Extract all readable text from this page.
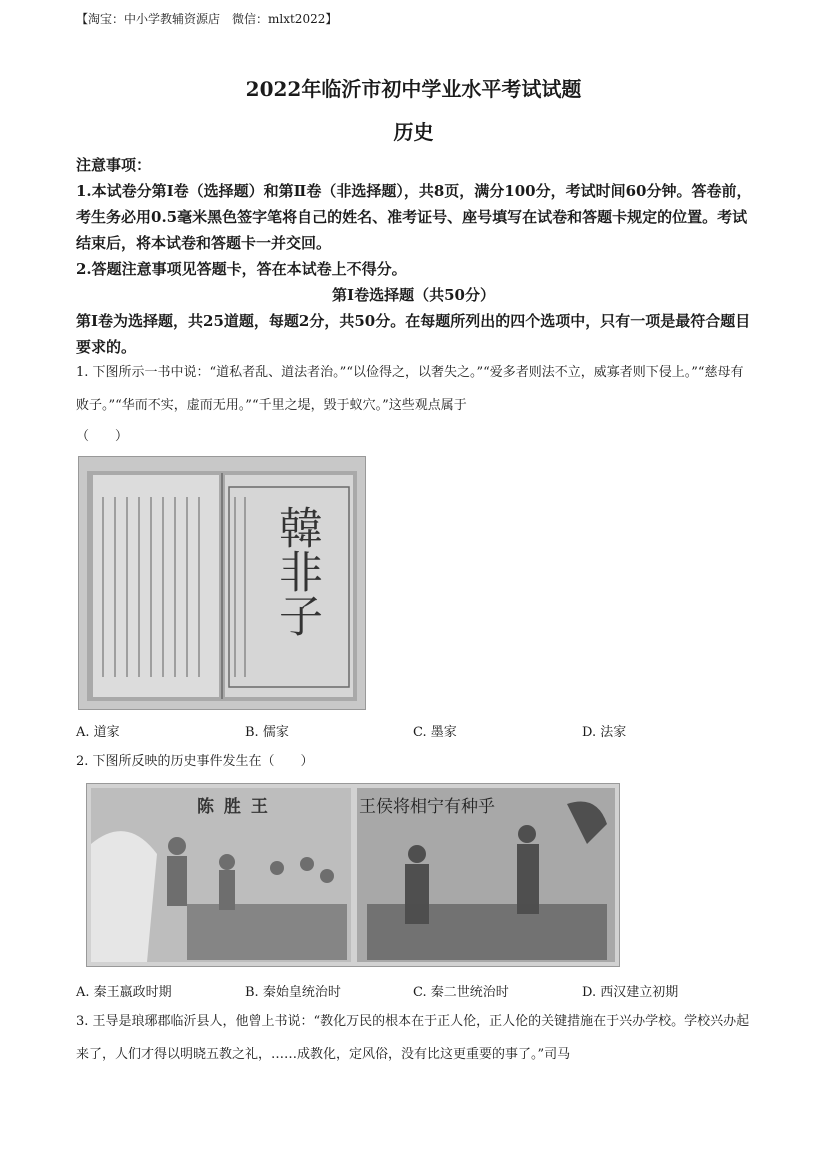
【淘宝：中小学教辅资源店　微信：mlxt2022】
2022年临沂市初中学业水平考试试题
历史
注意事项：
1.本试卷分第Ⅰ卷（选择题）和第Ⅱ卷（非选择题），共8页，满分100分，考试时间60分钟。答卷前，考生务必用0.5毫米黑色签字笔将自己的姓名、准考证号、座号填写在试卷和答题卡规定的位置。考试结束后，将本试卷和答题卡一并交回。
2.答题注意事项见答题卡，答在本试卷上不得分。
第Ⅰ卷选择题（共50分）
第Ⅰ卷为选择题，共25道题，每题2分，共50分。在每题所列出的四个选项中，只有一项是最符合题目要求的。
1. 下图所示一书中说：“道私者乱、道法者治。”“以俭得之，以奢失之。”“爱多者则法不立，威寡者则下侵上。”“慈母有败子。”“华而不实，虚而无用。”“千里之堤，毁于蚁穴。”这些观点属于
（　　）
韓非子
A. 道家	B. 儒家	C. 墨家	D. 法家
2. 下图所反映的历史事件发生在（　　）
陈 胜 王	王侯将相宁有种乎
A. 秦王嬴政时期	B. 秦始皇统治时	C. 秦二世统治时	D. 西汉建立初期
3. 王导是琅琊郡临沂县人，他曾上书说：“教化万民的根本在于正人伦，正人伦的关键措施在于兴办学校。学校兴办起来了，人们才得以明晓五教之礼，……成教化，定风俗，没有比这更重要的事了。”司马
